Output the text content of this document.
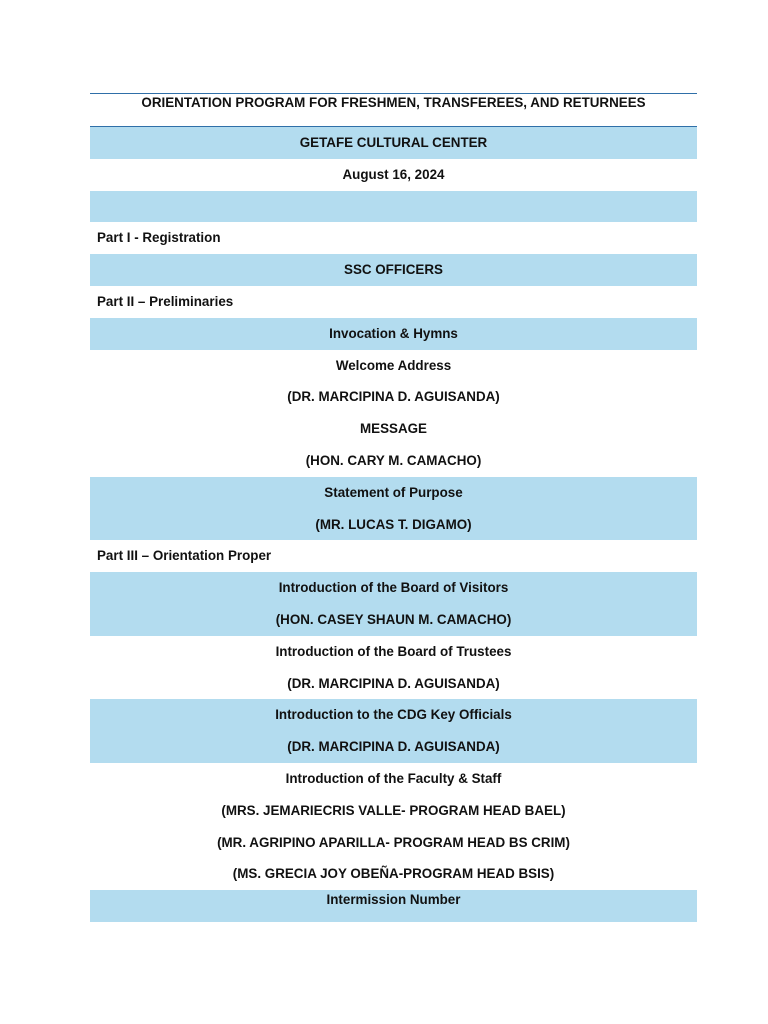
ORIENTATION PROGRAM FOR FRESHMEN, TRANSFEREES, AND RETURNEES
GETAFE CULTURAL CENTER
August 16, 2024
Part I - Registration
SSC OFFICERS
Part II – Preliminaries
Invocation & Hymns
Welcome Address
(DR. MARCIPINA D. AGUISANDA)
MESSAGE
(HON. CARY M. CAMACHO)
Statement of Purpose
(MR. LUCAS T. DIGAMO)
Part III – Orientation Proper
Introduction of the Board of Visitors
(HON. CASEY SHAUN M. CAMACHO)
Introduction of the Board of Trustees
(DR. MARCIPINA D. AGUISANDA)
Introduction to the CDG Key Officials
(DR. MARCIPINA D. AGUISANDA)
Introduction of the Faculty & Staff
(MRS. JEMARIECRIS VALLE- PROGRAM HEAD BAEL)
(MR. AGRIPINO APARILLA- PROGRAM HEAD BS CRIM)
(MS. GRECIA JOY OBEÑA-PROGRAM HEAD BSIS)
Intermission Number
